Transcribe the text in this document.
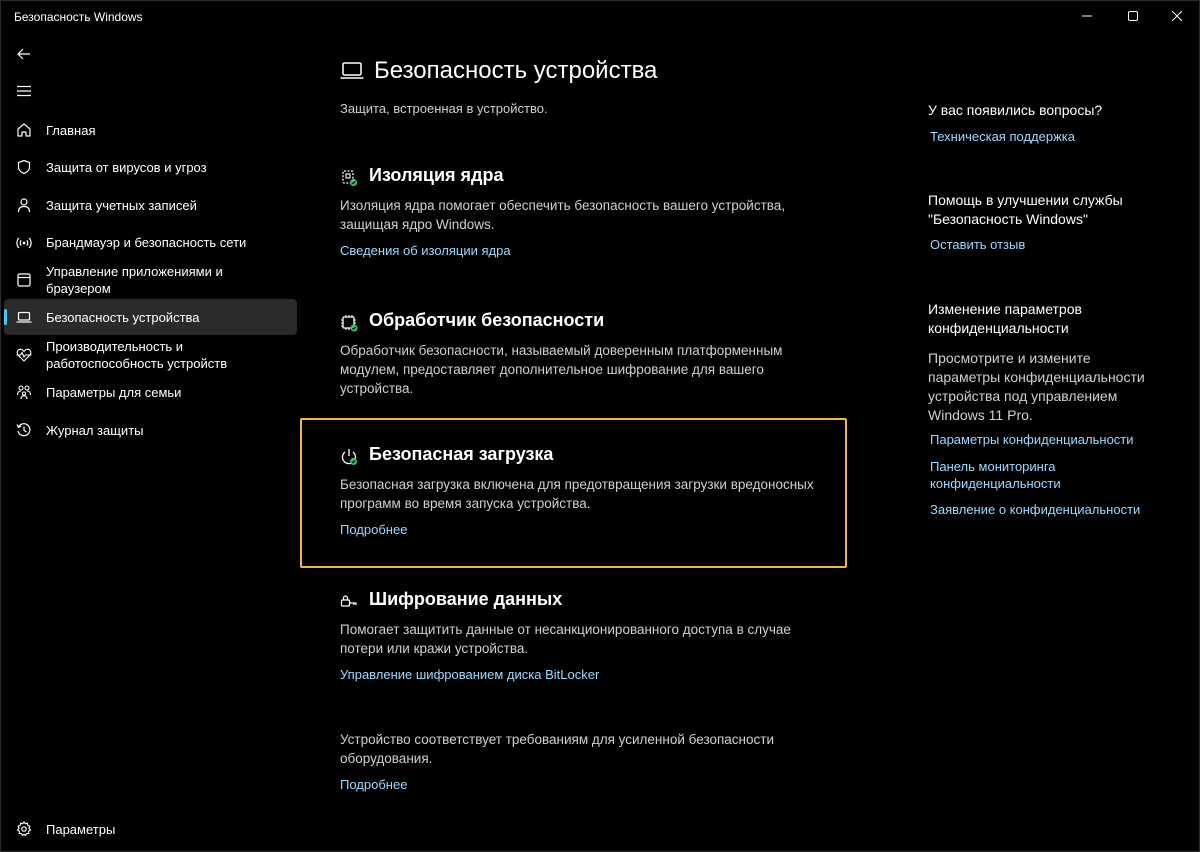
Безопасность Windows
Главная
Защита от вирусов и угроз
Защита учетных записей
Брандмауэр и безопасность сети
Управление приложениями и браузером
Безопасность устройства
Производительность и работоспособность устройств
Параметры для семьи
Журнал защиты
Параметры
Безопасность устройства
Защита, встроенная в устройство.
Изоляция ядра
Изоляция ядра помогает обеспечить безопасность вашего устройства, защищая ядро Windows.
Сведения об изоляции ядра
Обработчик безопасности
Обработчик безопасности, называемый доверенным платформенным модулем, предоставляет дополнительное шифрование для вашего устройства.
Безопасная загрузка
Безопасная загрузка включена для предотвращения загрузки вредоносных программ во время запуска устройства.
Подробнее
Шифрование данных
Помогает защитить данные от несанкционированного доступа в случае потери или кражи устройства.
Управление шифрованием диска BitLocker
Устройство соответствует требованиям для усиленной безопасности оборудования.
Подробнее
У вас появились вопросы?
Техническая поддержка
Помощь в улучшении службы "Безопасность Windows"
Оставить отзыв
Изменение параметров конфиденциальности
Просмотрите и измените параметры конфиденциальности устройства под управлением Windows 11 Pro.
Параметры конфиденциальности
Панель мониторинга конфиденциальности
Заявление о конфиденциальности
